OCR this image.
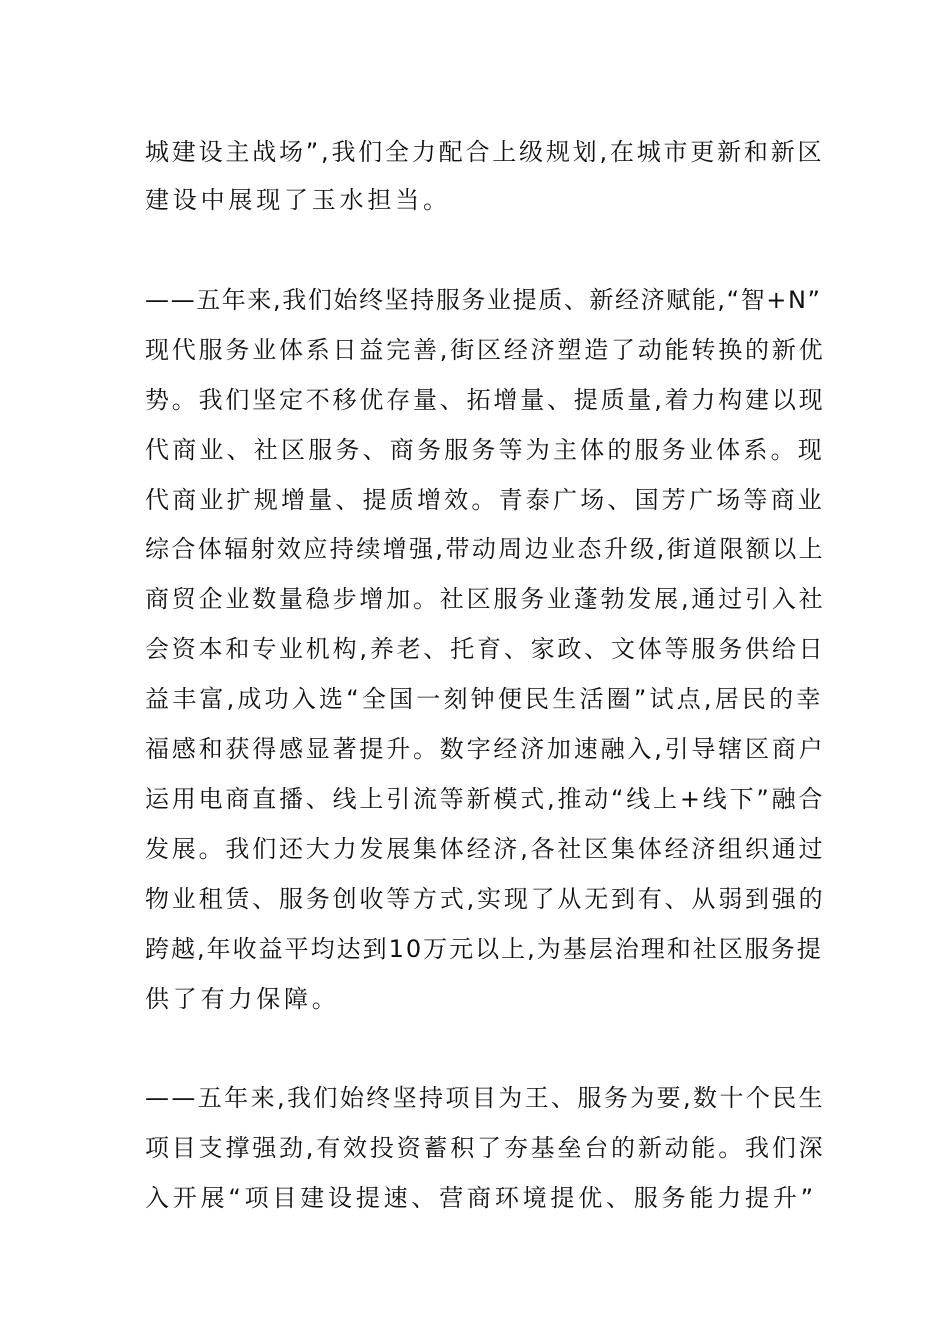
城建设主战场”,我们全力配合上级规划,在城市更新和新区
建设中展现了玉水担当。
——五年来,我们始终坚持服务业提质、新经济赋能,“智+N”
现代服务业体系日益完善,街区经济塑造了动能转换的新优
势。我们坚定不移优存量、拓增量、提质量,着力构建以现
代商业、社区服务、商务服务等为主体的服务业体系。现
代商业扩规增量、提质增效。青泰广场、国芳广场等商业
综合体辐射效应持续增强,带动周边业态升级,街道限额以上
商贸企业数量稳步增加。社区服务业蓬勃发展,通过引入社
会资本和专业机构,养老、托育、家政、文体等服务供给日
益丰富,成功入选“全国一刻钟便民生活圈”试点,居民的幸
福感和获得感显著提升。数字经济加速融入,引导辖区商户
运用电商直播、线上引流等新模式,推动“线上+线下”融合
发展。我们还大力发展集体经济,各社区集体经济组织通过
物业租赁、服务创收等方式,实现了从无到有、从弱到强的
跨越,年收益平均达到10万元以上,为基层治理和社区服务提
供了有力保障。
——五年来,我们始终坚持项目为王、服务为要,数十个民生
项目支撑强劲,有效投资蓄积了夯基垒台的新动能。我们深
入开展“项目建设提速、营商环境提优、服务能力提升”
